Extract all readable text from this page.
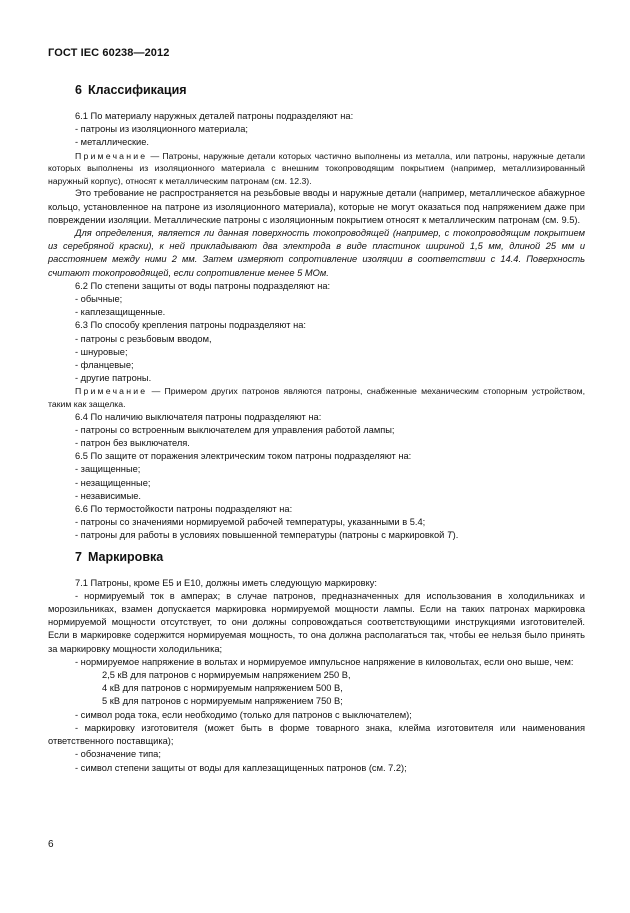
ГОСТ IEC 60238—2012
6 Классификация

6.1 По материалу наружных деталей патроны подразделяют на:

- патроны из изоляционного материала;

- металлические.

Примечание — Патроны, наружные детали которых частично выполнены из металла, или патроны, наружные детали которых выполнены из изоляционного материала с внешним токопроводящим покрытием (например, металлизированный наружный корпус), относят к металлическим патронам (см. 12.3).

Это требование не распространяется на резьбовые вводы и наружные детали (например, металлическое абажурное кольцо, установленное на патроне из изоляционного материала), которые не могут оказаться под напряжением даже при повреждении изоляции. Металлические патроны с изоляционным покрытием относят к металлическим патронам (см. 9.5).

Для определения, является ли данная поверхность токопроводящей (например, с токопроводящим покрытием из серебряной краски), к ней прикладывают два электрода в виде пластинок шириной 1,5 мм, длиной 25 мм и расстоянием между ними 2 мм. Затем измеряют сопротивление изоляции в соответствии с 14.4. Поверхность считают токопроводящей, если сопротивление менее 5 МОм.

6.2 По степени защиты от воды патроны подразделяют на:

- обычные;

- каплезащищенные.

6.3 По способу крепления патроны подразделяют на:

- патроны с резьбовым вводом,

- шнуровые;

- фланцевые;

- другие патроны.

Примечание — Примером других патронов являются патроны, снабженные механическим стопорным устройством, таким как защелка.

6.4 По наличию выключателя патроны подразделяют на:

- патроны со встроенным выключателем для управления работой лампы;

- патрон без выключателя.

6.5 По защите от поражения электрическим током патроны подразделяют на:

- защищенные;

- незащищенные;

- независимые.

6.6 По термостойкости патроны подразделяют на:

- патроны со значениями нормируемой рабочей температуры, указанными в 5.4;

- патроны для работы в условиях повышенной температуры (патроны с маркировкой T).

7 Маркировка

7.1 Патроны, кроме Е5 и Е10, должны иметь следующую маркировку:

- нормируемый ток в амперах; в случае патронов, предназначенных для использования в холодильниках и морозильниках, взамен допускается маркировка нормируемой мощности лампы. Если на таких патронах маркировка нормируемой мощности отсутствует, то они должны сопровождаться соответствующими инструкциями изготовителей. Если в маркировке содержится нормируемая мощность, то она должна располагаться так, чтобы ее нельзя было принять за маркировку мощности холодильника;

- нормируемое напряжение в вольтах и нормируемое импульсное напряжение в киловольтах, если оно выше, чем:

2,5 кВ для патронов с нормируемым напряжением 250 В,

4 кВ для патронов с нормируемым напряжением 500 В,

5 кВ для патронов с нормируемым напряжением 750 В;

- символ рода тока, если необходимо (только для патронов с выключателем);

- маркировку изготовителя (может быть в форме товарного знака, клейма изготовителя или наименования ответственного поставщика);

- обозначение типа;

- символ степени защиты от воды для каплезащищенных патронов (см. 7.2);

6
